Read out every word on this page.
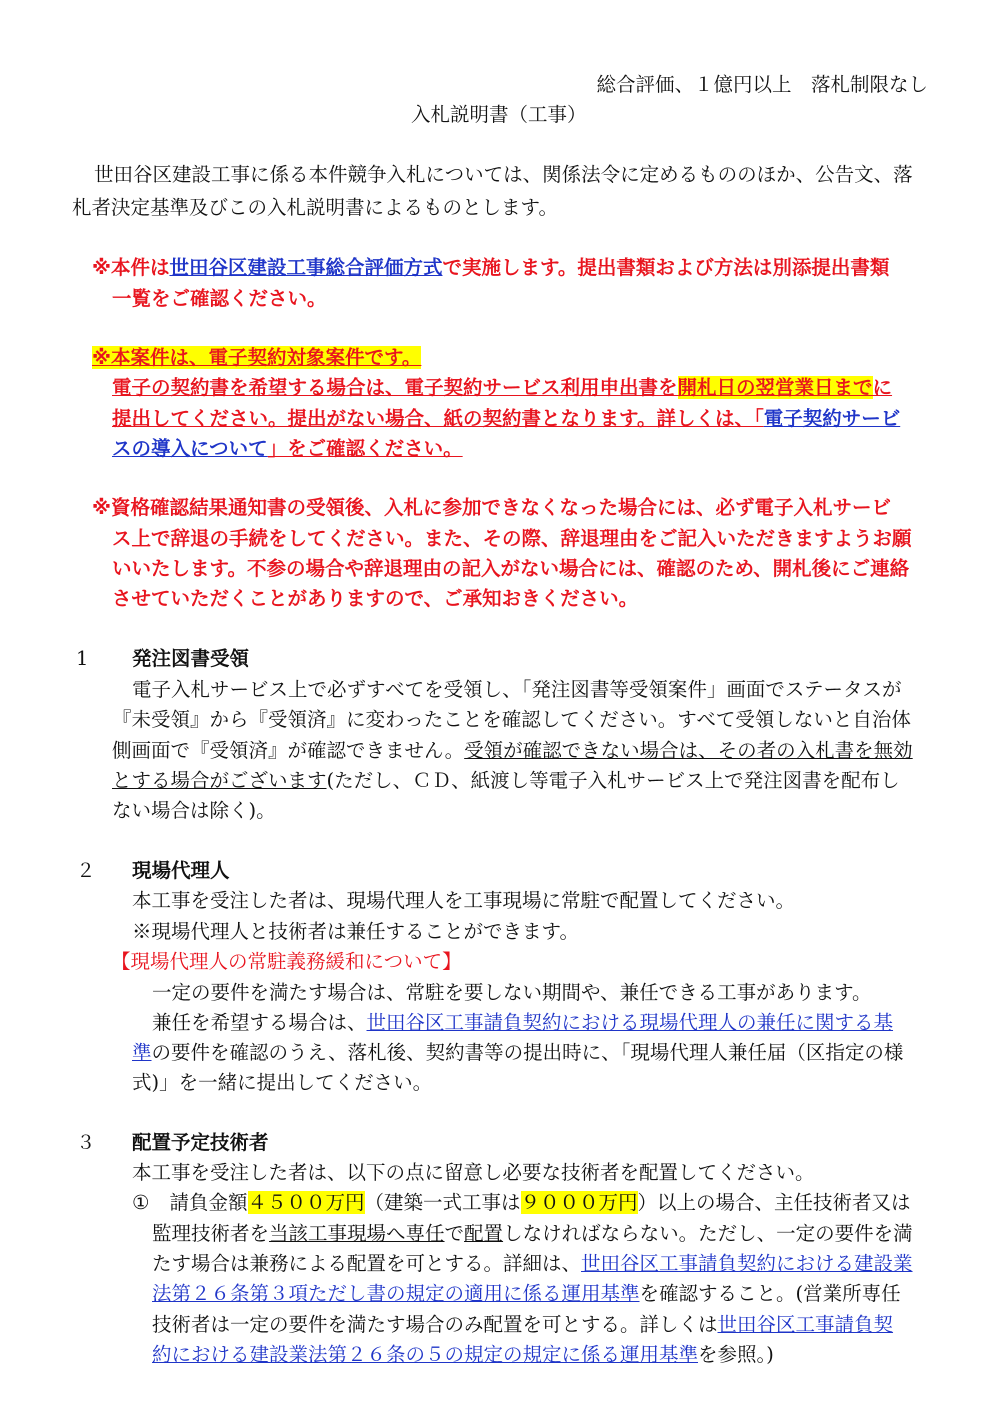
総合評価、１億円以上　落札制限なし
入札説明書（工事）
世田谷区建設工事に係る本件競争入札については、関係法令に定めるもののほか、公告文、落
札者決定基準及びこの入札説明書によるものとします。
※本件は世田谷区建設工事総合評価方式で実施します。提出書類および方法は別添提出書類
一覧をご確認ください。
※本案件は、電子契約対象案件です。
電子の契約書を希望する場合は、電子契約サービス利用申出書を開札日の翌営業日までに
提出してください。提出がない場合、紙の契約書となります。詳しくは、「電子契約サービ
スの導入について」をご確認ください。
※資格確認結果通知書の受領後、入札に参加できなくなった場合には、必ず電子入札サービ
ス上で辞退の手続をしてください。また、その際、辞退理由をご記入いただきますようお願
いいたします。不参の場合や辞退理由の記入がない場合には、確認のため、開札後にご連絡
させていただくことがありますので、ご承知おきください。
1 発注図書受領
電子入札サービス上で必ずすべてを受領し、「発注図書等受領案件」画面でステータスが
『未受領』から『受領済』に変わったことを確認してください。すべて受領しないと自治体
側画面で『受領済』が確認できません。受領が確認できない場合は、その者の入札書を無効
とする場合がございます(ただし、ＣＤ、紙渡し等電子入札サービス上で発注図書を配布し
ない場合は除く)。
２ 現場代理人
本工事を受注した者は、現場代理人を工事現場に常駐で配置してください。
※現場代理人と技術者は兼任することができます。
【現場代理人の常駐義務緩和について】
一定の要件を満たす場合は、常駐を要しない期間や、兼任できる工事があります。
兼任を希望する場合は、世田谷区工事請負契約における現場代理人の兼任に関する基
準の要件を確認のうえ、落札後、契約書等の提出時に、「現場代理人兼任届（区指定の様
式)」を一緒に提出してください。
３ 配置予定技術者
本工事を受注した者は、以下の点に留意し必要な技術者を配置してください。
① 請負金額４５００万円（建築一式工事は９０００万円）以上の場合、主任技術者又は
監理技術者を当該工事現場へ専任で配置しなければならない。ただし、一定の要件を満
たす場合は兼務による配置を可とする。詳細は、世田谷区工事請負契約における建設業
法第２６条第３項ただし書の規定の適用に係る運用基準を確認すること。(営業所専任
技術者は一定の要件を満たす場合のみ配置を可とする。詳しくは世田谷区工事請負契
約における建設業法第２６条の５の規定の規定に係る運用基準を参照。)
